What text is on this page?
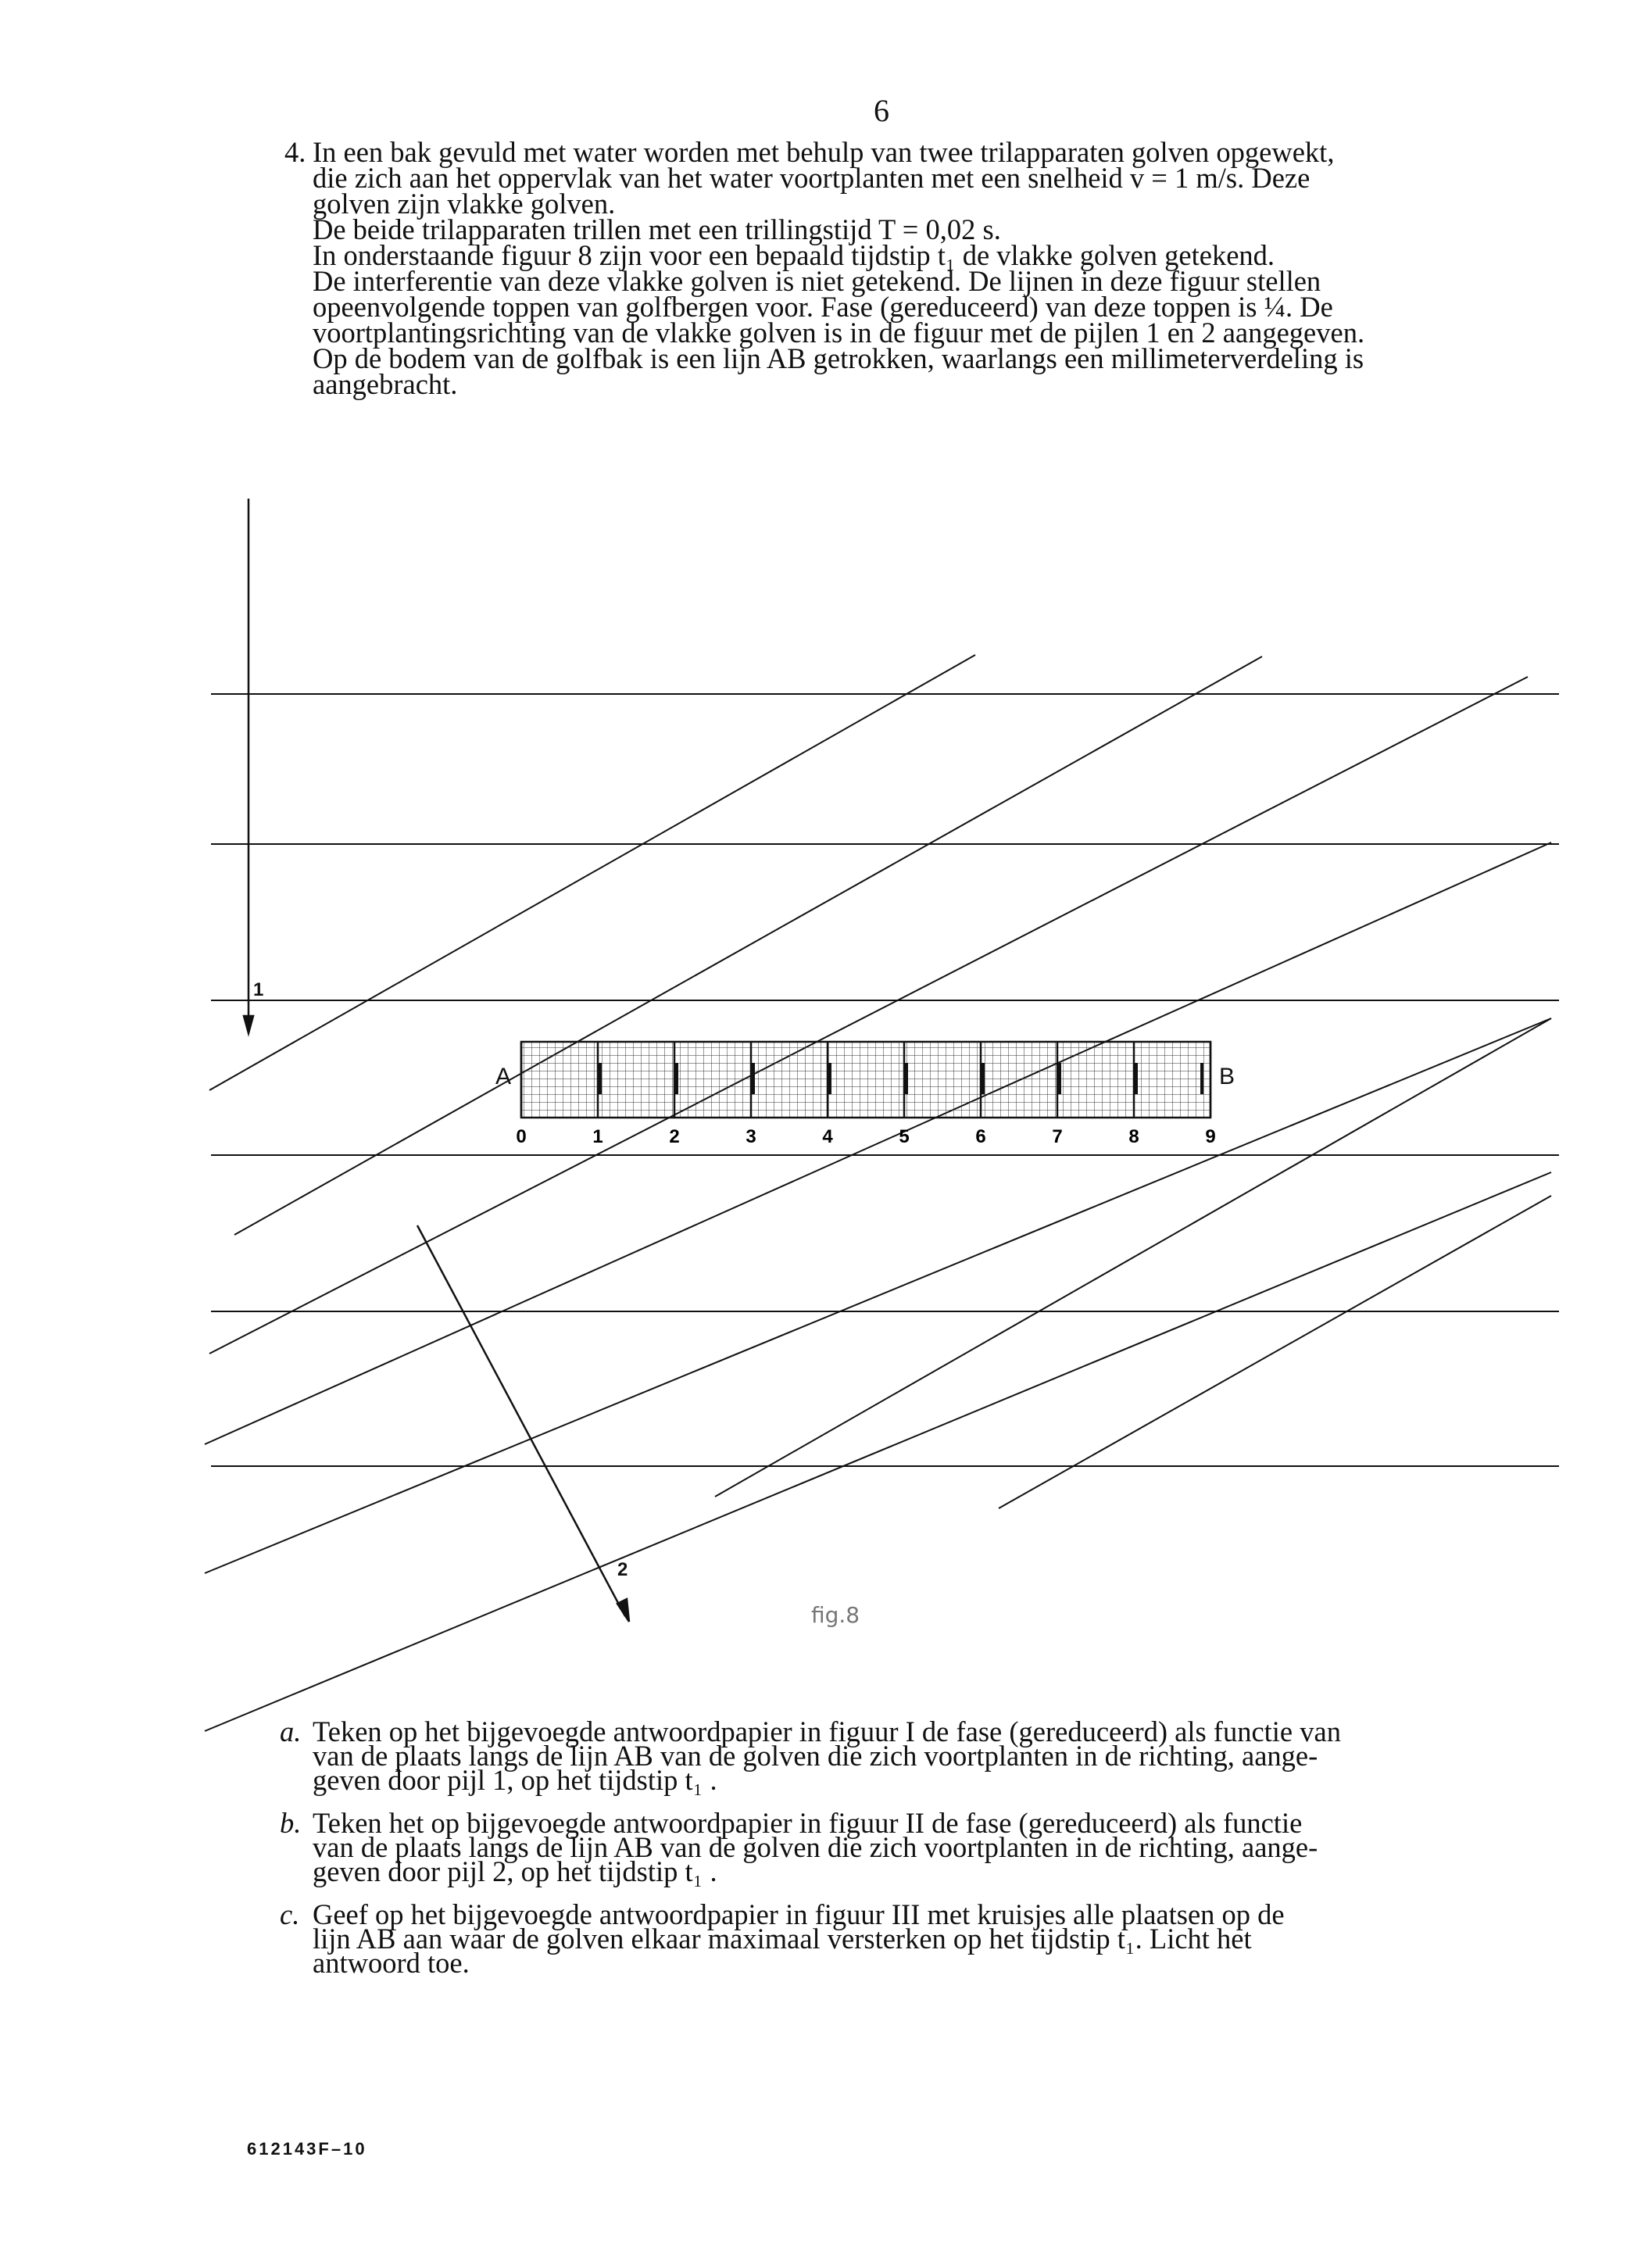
6
4. In een bak gevuld met water worden met behulp van twee trilapparaten golven opgewekt,

die zich aan het oppervlak van het water voortplanten met een snelheid v = 1 m/s. Deze

golven zijn vlakke golven.

De beide trilapparaten trillen met een trillingstijd T = 0,02 s.

In onderstaande figuur 8 zijn voor een bepaald tijdstip t₁ de vlakke golven getekend.

De interferentie van deze vlakke golven is niet getekend. De lijnen in deze figuur stellen

opeenvolgende toppen van golfbergen voor. Fase (gereduceerd) van deze toppen is ¼. De

voortplantingsrichting van de vlakke golven is in de figuur met de pijlen 1 en 2 aangegeven.

Op de bodem van de golfbak is een lijn AB getrokken, waarlangs een millimeterverdeling is

aangebracht.

0	1	2	3	4	5	6	7	8	9
1
2
A	B
fig.8
a. Teken op het bijgevoegde antwoordpapier in figuur I de fase (gereduceerd) als functie van
van de plaats langs de lijn AB van de golven die zich voortplanten in de richting, aange-
geven door pijl 1, op het tijdstip t₁ .
b. Teken het op bijgevoegde antwoordpapier in figuur II de fase (gereduceerd) als functie
van de plaats langs de lijn AB van de golven die zich voortplanten in de richting, aange-
geven door pijl 2, op het tijdstip t₁ .
c. Geef op het bijgevoegde antwoordpapier in figuur III met kruisjes alle plaatsen op de
lijn AB aan waar de golven elkaar maximaal versterken op het tijdstip t₁. Licht het
antwoord toe.
612143F–10
